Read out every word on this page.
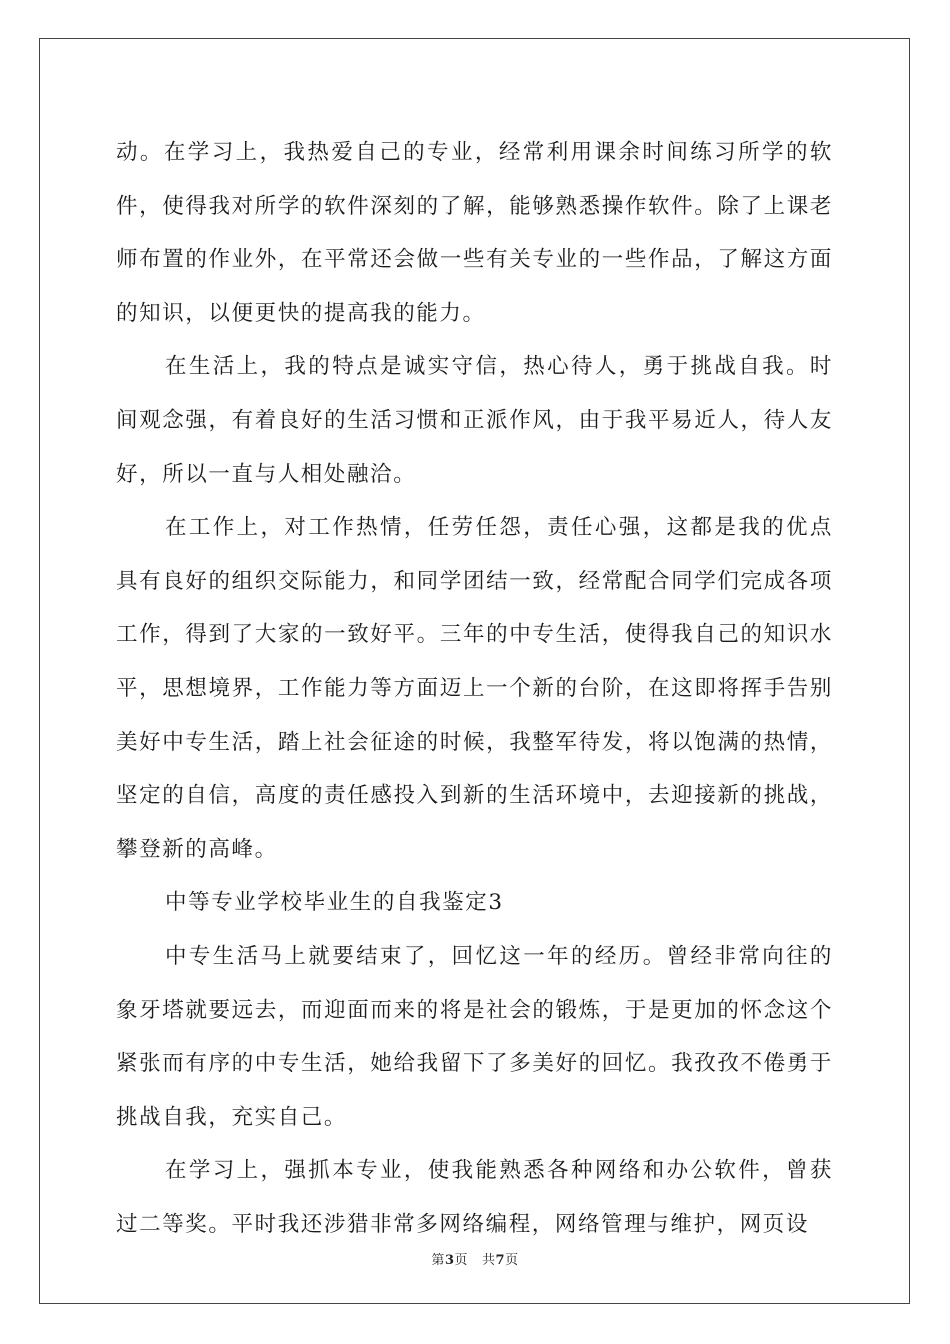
动。在学习上，我热爱自己的专业，经常利用课余时间练习所学的软件，使得我对所学的软件深刻的了解，能够熟悉操作软件。除了上课老师布置的作业外，在平常还会做一些有关专业的一些作品，了解这方面的知识，以便更快的提高我的能力。

在生活上，我的特点是诚实守信，热心待人，勇于挑战自我。时间观念强，有着良好的生活习惯和正派作风，由于我平易近人，待人友好，所以一直与人相处融洽。

在工作上，对工作热情，任劳任怨，责任心强，这都是我的优点具有良好的组织交际能力，和同学团结一致，经常配合同学们完成各项工作，得到了大家的一致好平。三年的中专生活，使得我自己的知识水平，思想境界，工作能力等方面迈上一个新的台阶，在这即将挥手告别美好中专生活，踏上社会征途的时候，我整军待发，将以饱满的热情，坚定的自信，高度的责任感投入到新的生活环境中，去迎接新的挑战，攀登新的高峰。

中等专业学校毕业生的自我鉴定3

中专生活马上就要结束了，回忆这一年的经历。曾经非常向往的象牙塔就要远去，而迎面而来的将是社会的锻炼，于是更加的怀念这个紧张而有序的中专生活，她给我留下了多美好的回忆。我孜孜不倦勇于挑战自我，充实自己。

在学习上，强抓本专业，使我能熟悉各种网络和办公软件，曾获过二等奖。平时我还涉猎非常多网络编程，网络管理与维护，网页设

第3页 共7页
